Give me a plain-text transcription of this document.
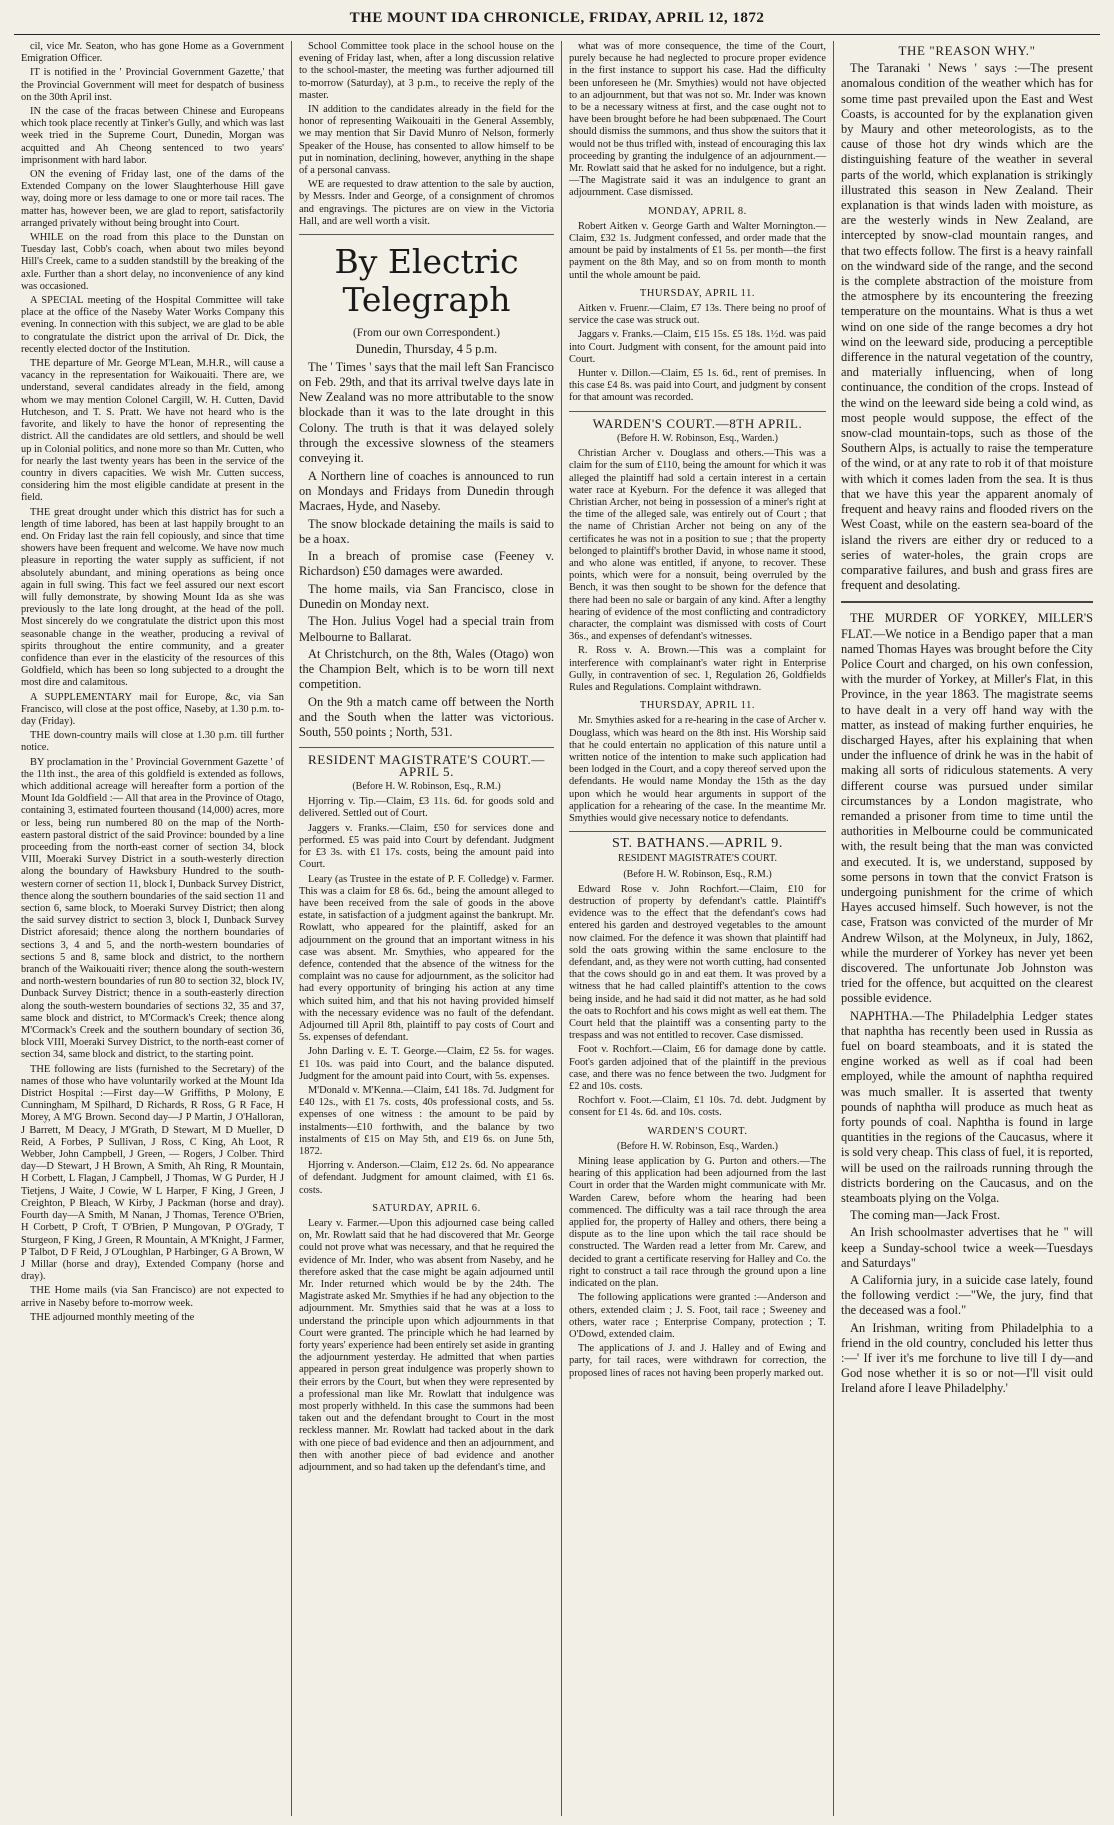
THE MOUNT IDA CHRONICLE, FRIDAY, APRIL 12, 1872

cil, vice Mr. Seaton, who has gone Home as a Government Emigration Officer.

IT is notified in the ' Provincial Government Gazette,' that the Provincial Government will meet for despatch of business on the 30th April inst.

IN the case of the fracas between Chinese and Europeans which took place recently at Tinker's Gully, and which was last week tried in the Supreme Court, Dunedin, Morgan was acquitted and Ah Cheong sentenced to two years' imprisonment with hard labor.

ON the evening of Friday last, one of the dams of the Extended Company on the lower Slaughterhouse Hill gave way, doing more or less damage to one or more tail races. The matter has, however been, we are glad to report, satisfactorily arranged privately without being brought into Court.

WHILE on the road from this place to the Dunstan on Tuesday last, Cobb's coach, when about two miles beyond Hill's Creek, came to a sudden standstill by the breaking of the axle. Further than a short delay, no inconvenience of any kind was occasioned.

A SPECIAL meeting of the Hospital Committee will take place at the office of the Naseby Water Works Company this evening. In connection with this subject, we are glad to be able to congratulate the district upon the arrival of Dr. Dick, the recently elected doctor of the Institution.

THE departure of Mr. George M'Lean, M.H.R., will cause a vacancy in the representation for Waikouaiti. There are, we understand, several candidates already in the field, among whom we may mention Colonel Cargill, W. H. Cutten, David Hutcheson, and T. S. Pratt. We have not heard who is the favorite, and likely to have the honor of representing the district. All the candidates are old settlers, and should be well up in Colonial politics, and none more so than Mr. Cutten, who for nearly the last twenty years has been in the service of the country in divers capacities. We wish Mr. Cutten success, considering him the most eligible candidate at present in the field.

THE great drought under which this district has for such a length of time labored, has been at last happily brought to an end. On Friday last the rain fell copiously, and since that time showers have been frequent and welcome. We have now much pleasure in reporting the water supply as sufficient, if not absolutely abundant, and mining operations as being once again in full swing. This fact we feel assured our next escort will fully demonstrate, by showing Mount Ida as she was previously to the late long drought, at the head of the poll. Most sincerely do we congratulate the district upon this most seasonable change in the weather, producing a revival of spirits throughout the entire community, and a greater confidence than ever in the elasticity of the resources of this Goldfield, which has been so long subjected to a drought the most dire and calamitous.

A SUPPLEMENTARY mail for Europe, &c, via San Francisco, will close at the post office, Naseby, at 1.30 p.m. to-day (Friday).

THE down-country mails will close at 1.30 p.m. till further notice.

BY proclamation in the ' Provincial Government Gazette ' of the 11th inst., the area of this goldfield is extended as follows, which additional acreage will hereafter form a portion of the Mount Ida Goldfield :— All that area in the Province of Otago, containing 3, estimated fourteen thousand (14,000) acres, more or less, being run numbered 80 on the map of the North-eastern pastoral district of the said Province: bounded by a line proceeding from the north-east corner of section 34, block VIII, Moeraki Survey District in a south-westerly direction along the boundary of Hawksbury Hundred to the south-western corner of section 11, block I, Dunback Survey District, thence along the southern boundaries of the said section 11 and section 6, same block, to Moeraki Survey District; then along the said survey district to section 3, block I, Dunback Survey District aforesaid; thence along the northern boundaries of sections 3, 4 and 5, and the north-western boundaries of sections 5 and 8, same block and district, to the northern branch of the Waikouaiti river; thence along the south-western and north-western boundaries of run 80 to section 32, block IV, Dunback Survey District; thence in a south-easterly direction along the south-western boundaries of sections 32, 35 and 37, same block and district, to M'Cormack's Creek; thence along M'Cormack's Creek and the southern boundary of section 36, block VIII, Moeraki Survey District, to the north-east corner of section 34, same block and district, to the starting point.

THE following are lists (furnished to the Secretary) of the names of those who have voluntarily worked at the Mount Ida District Hospital :—First day—W Griffiths, P Molony, E Cunningham, M Spilhard, D Richards, R Ross, G R Face, H Morey, A M'G Brown. Second day—J P Martin, J O'Halloran, J Barrett, M Deacy, J M'Grath, D Stewart, M D Mueller, D Reid, A Forbes, P Sullivan, J Ross, C King, Ah Loot, R Webber, John Campbell, J Green, — Rogers, J Colber. Third day—D Stewart, J H Brown, A Smith, Ah Ring, R Mountain, H Corbett, L Flagan, J Campbell, J Thomas, W G Purder, H J Tietjens, J Waite, J Cowie, W L Harper, F King, J Green, J Creighton, P Bleach, W Kirby, J Packman (horse and dray). Fourth day—A Smith, M Nanan, J Thomas, Terence O'Brien, H Corbett, P Croft, T O'Brien, P Mungovan, P O'Grady, T Sturgeon, F King, J Green, R Mountain, A M'Knight, J Farmer, P Talbot, D F Reid, J O'Loughlan, P Harbinger, G A Brown, W J Millar (horse and dray), Extended Company (horse and dray).

THE Home mails (via San Francisco) are not expected to arrive in Naseby before to-morrow week.

THE adjourned monthly meeting of the

School Committee took place in the school house on the evening of Friday last, when, after a long discussion relative to the school-master, the meeting was further adjourned till to-morrow (Saturday), at 3 p.m., to receive the reply of the master.

IN addition to the candidates already in the field for the honor of representing Waikouaiti in the General Assembly, we may mention that Sir David Munro of Nelson, formerly Speaker of the House, has consented to allow himself to be put in nomination, declining, however, anything in the shape of a personal canvass.

WE are requested to draw attention to the sale by auction, by Messrs. Inder and George, of a consignment of chromos and engravings. The pictures are on view in the Victoria Hall, and are well worth a visit.

By Electric Telegraph
(From our own Correspondent.)

Dunedin, Thursday, 4 5 p.m.

The ' Times ' says that the mail left San Francisco on Feb. 29th, and that its arrival twelve days late in New Zealand was no more attributable to the snow blockade than it was to the late drought in this Colony. The truth is that it was delayed solely through the excessive slowness of the steamers conveying it.

A Northern line of coaches is announced to run on Mondays and Fridays from Dunedin through Macraes, Hyde, and Naseby.

The snow blockade detaining the mails is said to be a hoax.

In a breach of promise case (Feeney v. Richardson) £50 damages were awarded.

The home mails, via San Francisco, close in Dunedin on Monday next.

The Hon. Julius Vogel had a special train from Melbourne to Ballarat.

At Christchurch, on the 8th, Wales (Otago) won the Champion Belt, which is to be worn till next competition.

On the 9th a match came off between the North and the South when the latter was victorious. South, 550 points ; North, 531.

RESIDENT MAGISTRATE'S COURT.—APRIL 5.
(Before H. W. Robinson, Esq., R.M.)

Hjorring v. Tip.—Claim, £3 11s. 6d. for goods sold and delivered. Settled out of Court.

Jaggers v. Franks.—Claim, £50 for services done and performed. £5 was paid into Court by defendant. Judgment for £3 3s. with £1 17s. costs, being the amount paid into Court.

Leary (as Trustee in the estate of P. F. Colledge) v. Farmer. This was a claim for £8 6s. 6d., being the amount alleged to have been received from the sale of goods in the above estate, in satisfaction of a judgment against the bankrupt. Mr. Rowlatt, who appeared for the plaintiff, asked for an adjournment on the ground that an important witness in his case was absent. Mr. Smythies, who appeared for the defence, contended that the absence of the witness for the complaint was no cause for adjournment, as the solicitor had had every opportunity of bringing his action at any time which suited him, and that his not having provided himself with the necessary evidence was no fault of the defendant. Adjourned till April 8th, plaintiff to pay costs of Court and 5s. expenses of defendant.

John Darling v. E. T. George.—Claim, £2 5s. for wages. £1 10s. was paid into Court, and the balance disputed. Judgment for the amount paid into Court, with 5s. expenses.

M'Donald v. M'Kenna.—Claim, £41 18s. 7d. Judgment for £40 12s., with £1 7s. costs, 40s professional costs, and 5s. expenses of one witness : the amount to be paid by instalments—£10 forthwith, and the balance by two instalments of £15 on May 5th, and £19 6s. on June 5th, 1872.

Hjorring v. Anderson.—Claim, £12 2s. 6d. No appearance of defendant. Judgment for amount claimed, with £1 6s. costs.

SATURDAY, APRIL 6.

Leary v. Farmer.—Upon this adjourned case being called on, Mr. Rowlatt said that he had discovered that Mr. George could not prove what was necessary, and that he required the evidence of Mr. Inder, who was absent from Naseby, and he therefore asked that the case might be again adjourned until Mr. Inder returned which would be by the 24th. The Magistrate asked Mr. Smythies if he had any objection to the adjournment. Mr. Smythies said that he was at a loss to understand the principle upon which adjournments in that Court were granted. The principle which he had learned by forty years' experience had been entirely set aside in granting the adjournment yesterday. He admitted that when parties appeared in person great indulgence was properly shown to their errors by the Court, but when they were represented by a professional man like Mr. Rowlatt that indulgence was most properly withheld. In this case the summons had been taken out and the defendant brought to Court in the most reckless manner. Mr. Rowlatt had tacked about in the dark with one piece of bad evidence and then an adjournment, and then with another piece of bad evidence and another adjournment, and so had taken up the defendant's time, and

what was of more consequence, the time of the Court, purely because he had neglected to procure proper evidence in the first instance to support his case. Had the difficulty been unforeseen he (Mr. Smythies) would not have objected to an adjournment, but that was not so. Mr. Inder was known to be a necessary witness at first, and the case ought not to have been brought before he had been subpœnaed. The Court should dismiss the summons, and thus show the suitors that it would not be thus trifled with, instead of encouraging this lax proceeding by granting the indulgence of an adjournment.—Mr. Rowlatt said that he asked for no indulgence, but a right.—The Magistrate said it was an indulgence to grant an adjournment. Case dismissed.

MONDAY, APRIL 8.

Robert Aitken v. George Garth and Walter Mornington.—Claim, £32 1s. Judgment confessed, and order made that the amount be paid by instalments of £1 5s. per month—the first payment on the 8th May, and so on from month to month until the whole amount be paid.

THURSDAY, APRIL 11.

Aitken v. Fruenr.—Claim, £7 13s. There being no proof of service the case was struck out.

Jaggars v. Franks.—Claim, £15 15s. £5 18s. 1½d. was paid into Court. Judgment with consent, for the amount paid into Court.

Hunter v. Dillon.—Claim, £5 1s. 6d., rent of premises. In this case £4 8s. was paid into Court, and judgment by consent for that amount was recorded.

WARDEN'S COURT.—8TH APRIL.
(Before H. W. Robinson, Esq., Warden.)

Christian Archer v. Douglass and others.—This was a claim for the sum of £110, being the amount for which it was alleged the plaintiff had sold a certain interest in a certain water race at Kyeburn. For the defence it was alleged that Christian Archer, not being in possession of a miner's right at the time of the alleged sale, was entirely out of Court ; that the name of Christian Archer not being on any of the certificates he was not in a position to sue ; that the property belonged to plaintiff's brother David, in whose name it stood, and who alone was entitled, if anyone, to recover. These points, which were for a nonsuit, being overruled by the Bench, it was then sought to be shown for the defence that there had been no sale or bargain of any kind. After a lengthy hearing of evidence of the most conflicting and contradictory character, the complaint was dismissed with costs of Court 36s., and expenses of defendant's witnesses.

R. Ross v. A. Brown.—This was a complaint for interference with complainant's water right in Enterprise Gully, in contravention of sec. 1, Regulation 26, Goldfields Rules and Regulations. Complaint withdrawn.

THURSDAY, APRIL 11.

Mr. Smythies asked for a re-hearing in the case of Archer v. Douglass, which was heard on the 8th inst. His Worship said that he could entertain no application of this nature until a written notice of the intention to make such application had been lodged in the Court, and a copy thereof served upon the defendants. He would name Monday the 15th as the day upon which he would hear arguments in support of the application for a rehearing of the case. In the meantime Mr. Smythies would give necessary notice to defendants.

ST. BATHANS.—APRIL 9.
RESIDENT MAGISTRATE'S COURT.
(Before H. W. Robinson, Esq., R.M.)

Edward Rose v. John Rochfort.—Claim, £10 for destruction of property by defendant's cattle. Plaintiff's evidence was to the effect that the defendant's cows had entered his garden and destroyed vegetables to the amount now claimed. For the defence it was shown that plaintiff had sold the oats growing within the same enclosure to the defendant, and, as they were not worth cutting, had consented that the cows should go in and eat them. It was proved by a witness that he had called plaintiff's attention to the cows being inside, and he had said it did not matter, as he had sold the oats to Rochfort and his cows might as well eat them. The Court held that the plaintiff was a consenting party to the trespass and was not entitled to recover. Case dismissed.

Foot v. Rochfort.—Claim, £6 for damage done by cattle. Foot's garden adjoined that of the plaintiff in the previous case, and there was no fence between the two. Judgment for £2 and 10s. costs.

Rochfort v. Foot.—Claim, £1 10s. 7d. debt. Judgment by consent for £1 4s. 6d. and 10s. costs.

WARDEN'S COURT.
(Before H. W. Robinson, Esq., Warden.)

Mining lease application by G. Purton and others.—The hearing of this application had been adjourned from the last Court in order that the Warden might communicate with Mr. Warden Carew, before whom the hearing had been commenced. The difficulty was a tail race through the area applied for, the property of Halley and others, there being a dispute as to the line upon which the tail race should be constructed. The Warden read a letter from Mr. Carew, and decided to grant a certificate reserving for Halley and Co. the right to construct a tail race through the ground upon a line indicated on the plan.

The following applications were granted :—Anderson and others, extended claim ; J. S. Foot, tail race ; Sweeney and others, water race ; Enterprise Company, protection ; T. O'Dowd, extended claim.

The applications of J. and J. Halley and of Ewing and party, for tail races, were withdrawn for correction, the proposed lines of races not having been properly marked out.

THE "REASON WHY."

The Taranaki ' News ' says :—The present anomalous condition of the weather which has for some time past prevailed upon the East and West Coasts, is accounted for by the explanation given by Maury and other meteorologists, as to the cause of those hot dry winds which are the distinguishing feature of the weather in several parts of the world, which explanation is strikingly illustrated this season in New Zealand. Their explanation is that winds laden with moisture, as are the westerly winds in New Zealand, are intercepted by snow-clad mountain ranges, and that two effects follow. The first is a heavy rainfall on the windward side of the range, and the second is the complete abstraction of the moisture from the atmosphere by its encountering the freezing temperature on the mountains. What is thus a wet wind on one side of the range becomes a dry hot wind on the leeward side, producing a perceptible difference in the natural vegetation of the country, and materially influencing, when of long continuance, the condition of the crops. Instead of the wind on the leeward side being a cold wind, as most people would suppose, the effect of the snow-clad mountain-tops, such as those of the Southern Alps, is actually to raise the temperature of the wind, or at any rate to rob it of that moisture with which it comes laden from the sea. It is thus that we have this year the apparent anomaly of frequent and heavy rains and flooded rivers on the West Coast, while on the eastern sea-board of the island the rivers are either dry or reduced to a series of water-holes, the grain crops are comparative failures, and bush and grass fires are frequent and desolating.

THE MURDER OF YORKEY, MILLER'S FLAT.—We notice in a Bendigo paper that a man named Thomas Hayes was brought before the City Police Court and charged, on his own confession, with the murder of Yorkey, at Miller's Flat, in this Province, in the year 1863. The magistrate seems to have dealt in a very off hand way with the matter, as instead of making further enquiries, he discharged Hayes, after his explaining that when under the influence of drink he was in the habit of making all sorts of ridiculous statements. A very different course was pursued under similar circumstances by a London magistrate, who remanded a prisoner from time to time until the authorities in Melbourne could be communicated with, the result being that the man was convicted and executed. It is, we understand, supposed by some persons in town that the convict Fratson is undergoing punishment for the crime of which Hayes accused himself. Such however, is not the case, Fratson was convicted of the murder of Mr Andrew Wilson, at the Molyneux, in July, 1862, while the murderer of Yorkey has never yet been discovered. The unfortunate Job Johnston was tried for the offence, but acquitted on the clearest possible evidence.

NAPHTHA.—The Philadelphia Ledger states that naphtha has recently been used in Russia as fuel on board steamboats, and it is stated the engine worked as well as if coal had been employed, while the amount of naphtha required was much smaller. It is asserted that twenty pounds of naphtha will produce as much heat as forty pounds of coal. Naphtha is found in large quantities in the regions of the Caucasus, where it is sold very cheap. This class of fuel, it is reported, will be used on the railroads running through the districts bordering on the Caucasus, and on the steamboats plying on the Volga.

The coming man—Jack Frost.

An Irish schoolmaster advertises that he " will keep a Sunday-school twice a week—Tuesdays and Saturdays"

A California jury, in a suicide case lately, found the following verdict :—"We, the jury, find that the deceased was a fool."

An Irishman, writing from Philadelphia to a friend in the old country, concluded his letter thus :—' If iver it's me forchune to live till I dy—and God nose whether it is so or not—I'll visit ould Ireland afore I leave Philadelphy.'
